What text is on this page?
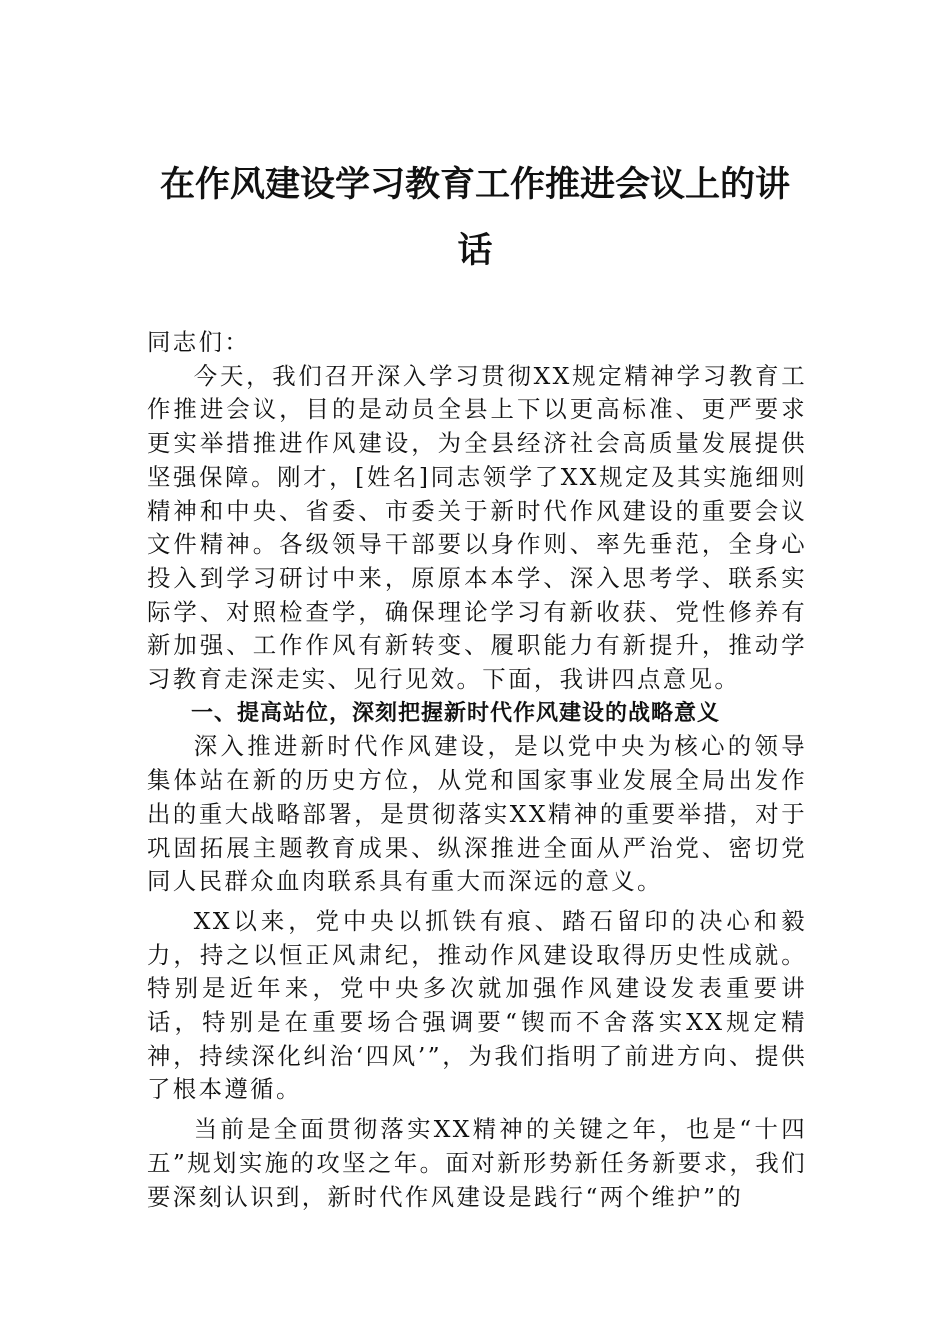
在作风建设学习教育工作推进会议上的讲话

同志们：

今天，我们召开深入学习贯彻XX规定精神学习教育工作推进会议，目的是动员全县上下以更高标准、更严要求更实举措推进作风建设，为全县经济社会高质量发展提供坚强保障。刚才，[姓名]同志领学了XX规定及其实施细则精神和中央、省委、市委关于新时代作风建设的重要会议文件精神。各级领导干部要以身作则、率先垂范，全身心投入到学习研讨中来，原原本本学、深入思考学、联系实际学、对照检查学，确保理论学习有新收获、党性修养有新加强、工作作风有新转变、履职能力有新提升，推动学习教育走深走实、见行见效。下面，我讲四点意见。

一、提高站位，深刻把握新时代作风建设的战略意义

深入推进新时代作风建设，是以党中央为核心的领导集体站在新的历史方位，从党和国家事业发展全局出发作出的重大战略部署，是贯彻落实XX精神的重要举措，对于巩固拓展主题教育成果、纵深推进全面从严治党、密切党同人民群众血肉联系具有重大而深远的意义。

XX以来，党中央以抓铁有痕、踏石留印的决心和毅力，持之以恒正风肃纪，推动作风建设取得历史性成就。特别是近年来，党中央多次就加强作风建设发表重要讲话，特别是在重要场合强调要“锲而不舍落实XX规定精神，持续深化纠治‘四风’”，为我们指明了前进方向、提供了根本遵循。

当前是全面贯彻落实XX精神的关键之年，也是“十四五”规划实施的攻坚之年。面对新形势新任务新要求，我们要深刻认识到，新时代作风建设是践行“两个维护”的
